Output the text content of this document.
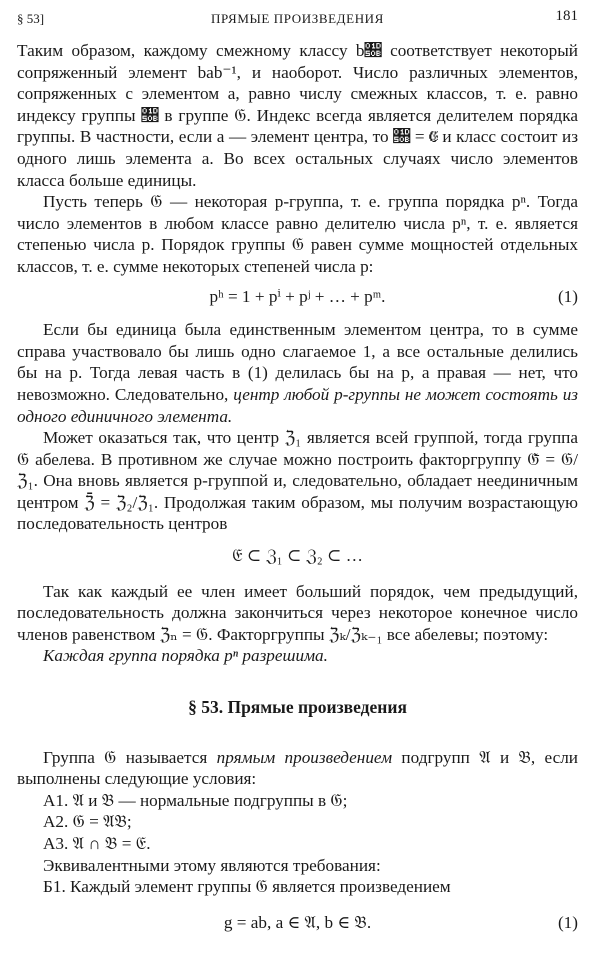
§ 53]	ПРЯМЫЕ ПРОИЗВЕДЕНИЯ	181

Таким образом, каждому смежному классу b𝔋 соответствует некоторый сопряженный элемент bab⁻¹, и наоборот. Число различных элементов, сопряженных с элементом a, равно числу смежных классов, т. е. равно индексу группы 𝔋 в группе 𝔊. Индекс всегда является делителем порядка группы. В частности, если a — элемент центра, то 𝔋 = 𝔈 и класс состоит из одного лишь элемента a. Во всех остальных случаях число элементов класса больше единицы.

Пусть теперь 𝔊 — некоторая p-группа, т. е. группа порядка pⁿ. Тогда число элементов в любом классе равно делителю числа pⁿ, т. е. является степенью числа p. Порядок группы 𝔊 равен сумме мощностей отдельных классов, т. е. сумме некоторых степеней числа p:

pʰ = 1 + pⁱ + pʲ + … + pᵐ.	(1)

Если бы единица была единственным элементом центра, то в сумме справа участвовало бы лишь одно слагаемое 1, а все остальные делились бы на p. Тогда левая часть в (1) делилась бы на p, а правая — нет, что невозможно. Следовательно, центр любой p-группы не может состоять из одного единичного элемента.

Может оказаться так, что центр ℨ₁ является всей группой, тогда группа 𝔊 абелева. В противном же случае можно построить факторгруппу 𝔊̄ = 𝔊/ℨ₁. Она вновь является p-группой и, следовательно, обладает неединичным центром ℨ̄ = ℨ₂/ℨ₁. Продолжая таким образом, мы получим возрастающую последовательность центров

𝔈 ⊂ ℨ₁ ⊂ ℨ₂ ⊂ …

Так как каждый ее член имеет больший порядок, чем предыдущий, последовательность должна закончиться через некоторое конечное число членов равенством ℨₙ = 𝔊. Факторгруппы ℨₖ/ℨₖ₋₁ все абелевы; поэтому:

Каждая группа порядка pⁿ разрешима.

§ 53. Прямые произведения

Группа 𝔊 называется прямым произведением подгрупп 𝔄 и 𝔅, если выполнены следующие условия:

A1. 𝔄 и 𝔅 — нормальные подгруппы в 𝔊;

A2. 𝔊 = 𝔄𝔅;

A3. 𝔄 ∩ 𝔅 = 𝔈.

Эквивалентными этому являются требования:

Б1. Каждый элемент группы 𝔊 является произведением

g = ab, a ∈ 𝔄, b ∈ 𝔅.	(1)
